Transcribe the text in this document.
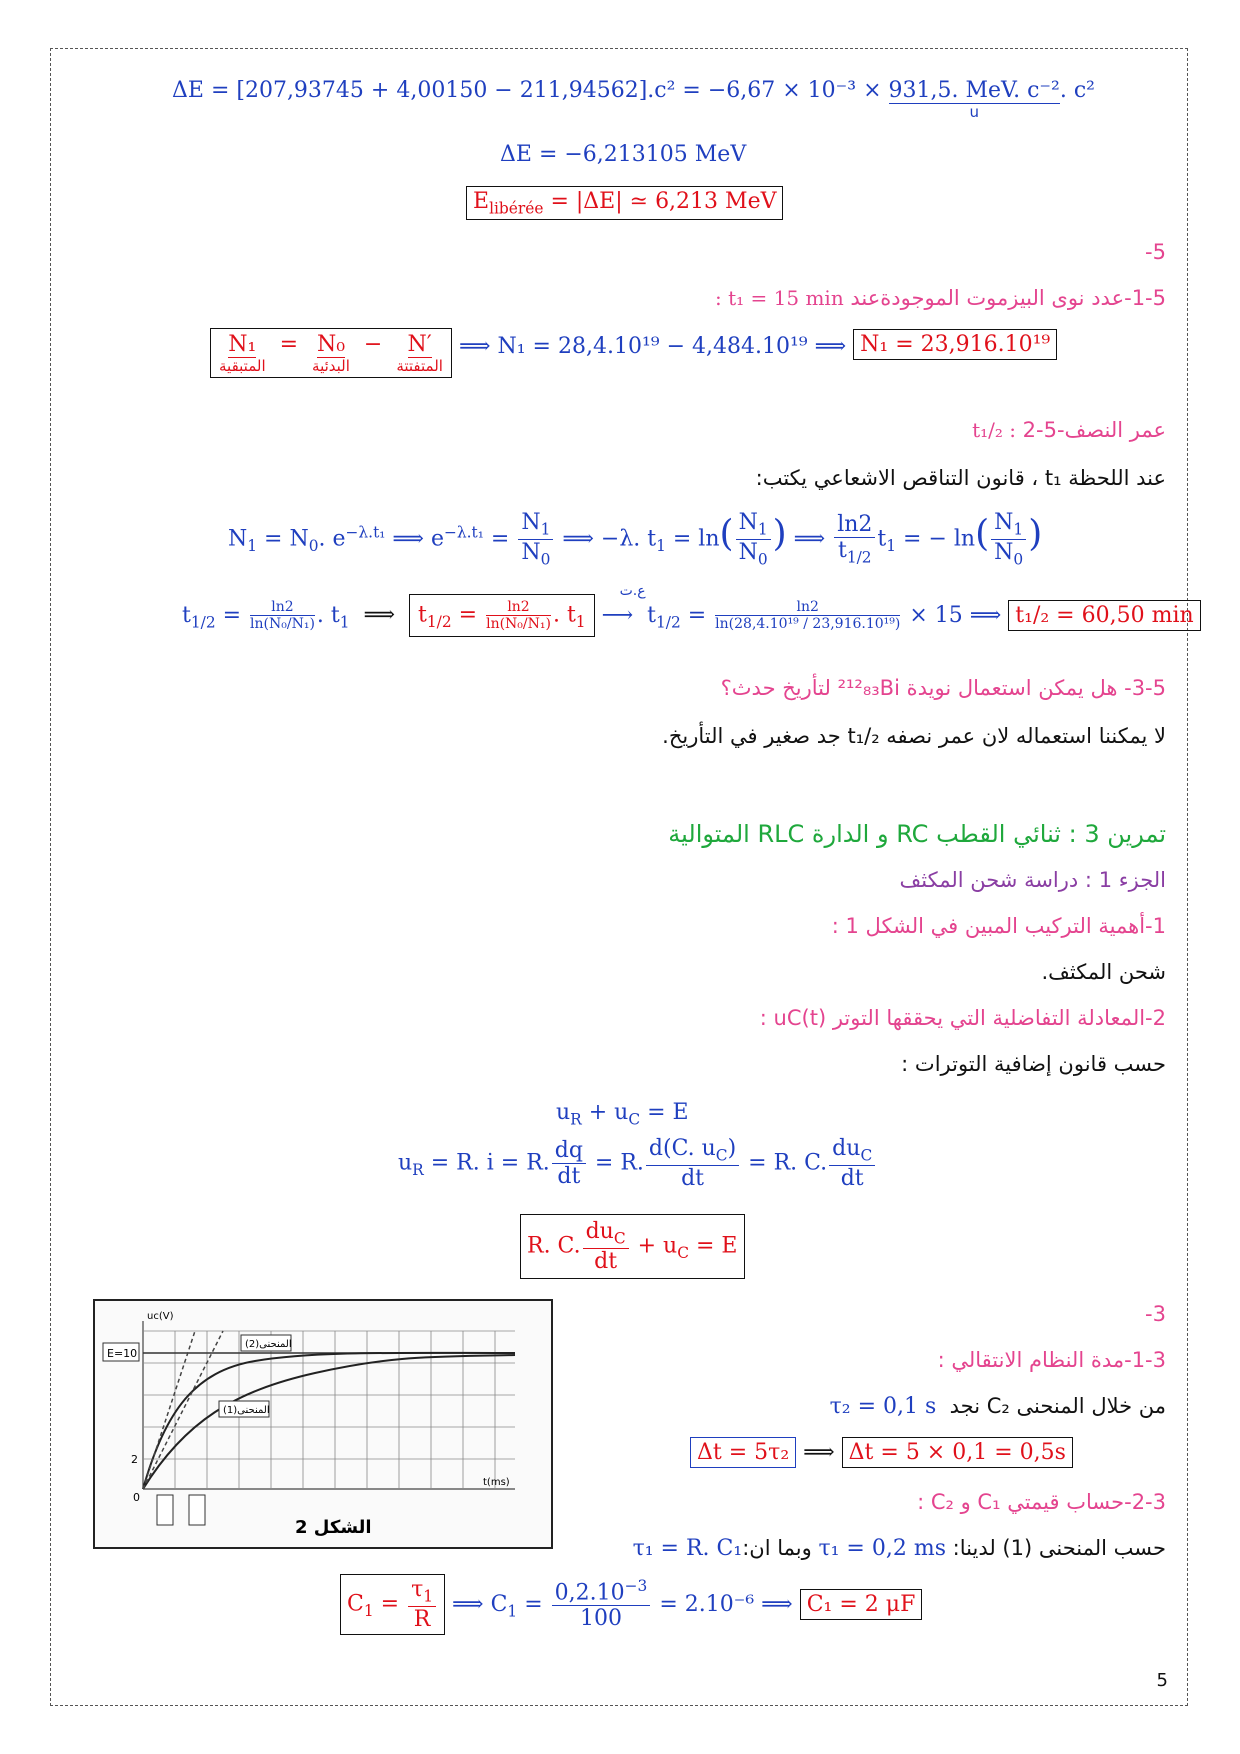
ΔE = [207,93745 + 4,00150 − 211,94562].c² = −6,67 × 10⁻³ × 931,5. MeV. c⁻²
u
. c²
ΔE = −6,213105 MeV
$E_{libérée} = |\Delta E|$ ≃ 6,213 MeV
-5
1-5-عدد نوى البيزموت الموجودةعند t₁ = 15 min :
N₁
المتبقية
=  N₀
البدئية
−  N′
المتفتتة
⟹ N₁ = 28,4.10¹⁹ − 4,484.10¹⁹ ⟹ N₁ = 23,916.10¹⁹
t₁/₂ : 2-5-عمر النصف
عند اللحظة t₁ ، قانون التناقص الاشعاعي يكتب:
$N_1 = N_0$. $e^{-\lambda.t_1}$ ⟹ $e^{-\lambda.t_1} = \frac{N_1}{N_0}$ ⟹ −λ. $t_1 = \ln( \frac{N_1}{N_0}$ ) ⟹ $\frac{\ln 2}{t_{1/2}} t_1$ = − $\ln( \frac{N_1}{N_0}$ )
$t_{1/2} = \frac{\ln 2}{\text{ln(N₀/N₁)}}$ . $t_1$  ⟹  $t_{1/2} = \frac{\ln 2}{\text{ln(N₀/N₁)}}$ . $t_1$
ع.ت
⟶  $t_{1/2} = \frac{\ln 2}{\text{ln(28,4.10¹⁹ / 23,916.10¹⁹)}} \times 15$ ⟹ t₁/₂ = 60,50 min
3-5- هل يمكن استعمال نويدة ²¹²₈₃Bi لتأريخ حدث؟
لا يمكننا استعماله لان عمر نصفه t₁/₂ جد صغير في التأريخ.
تمرين 3 : ثنائي القطب RC و الدارة RLC المتوالية
الجزء 1 : دراسة شحن المكثف
1-أهمية التركيب المبين في الشكل 1 :
شحن المكثف.
2-المعادلة التفاضلية التي يحققها التوتر uC(t) :
حسب قانون إضافية التوترات :
$u_R + u_C = E$
$u_R = R$. i = R. $\frac{dq}{dt} = R$. $\frac{d(C. u_C)}{dt} = R$. C. $\frac{du_C}{dt}$
R. C. $\frac{du_C}{dt} + u_C = E$
E=10
المنحنى(2)
المنحنى(1)
uc(V)
t(ms)
2
0
الشكل 2
-3
1-3-مدة النظام الانتقالي :
من خلال المنحنى C₂ نجد  τ₂ = 0,1 s
Δt = 5τ₂ ⟹ Δt = 5 × 0,1 = 0,5s
2-3-حساب قيمتي C₁ و C₂ :
حسب المنحنى (1) لدينا: τ₁ = 0,2 ms وبما ان:τ₁ = R. C₁
$C_1 = \frac{\tau_1}{R}$ ⟹ $C_1 = \frac{0,2.10^{-3}}{100} = 2.10^{-6}$ ⟹ C₁ = 2 μF
5
